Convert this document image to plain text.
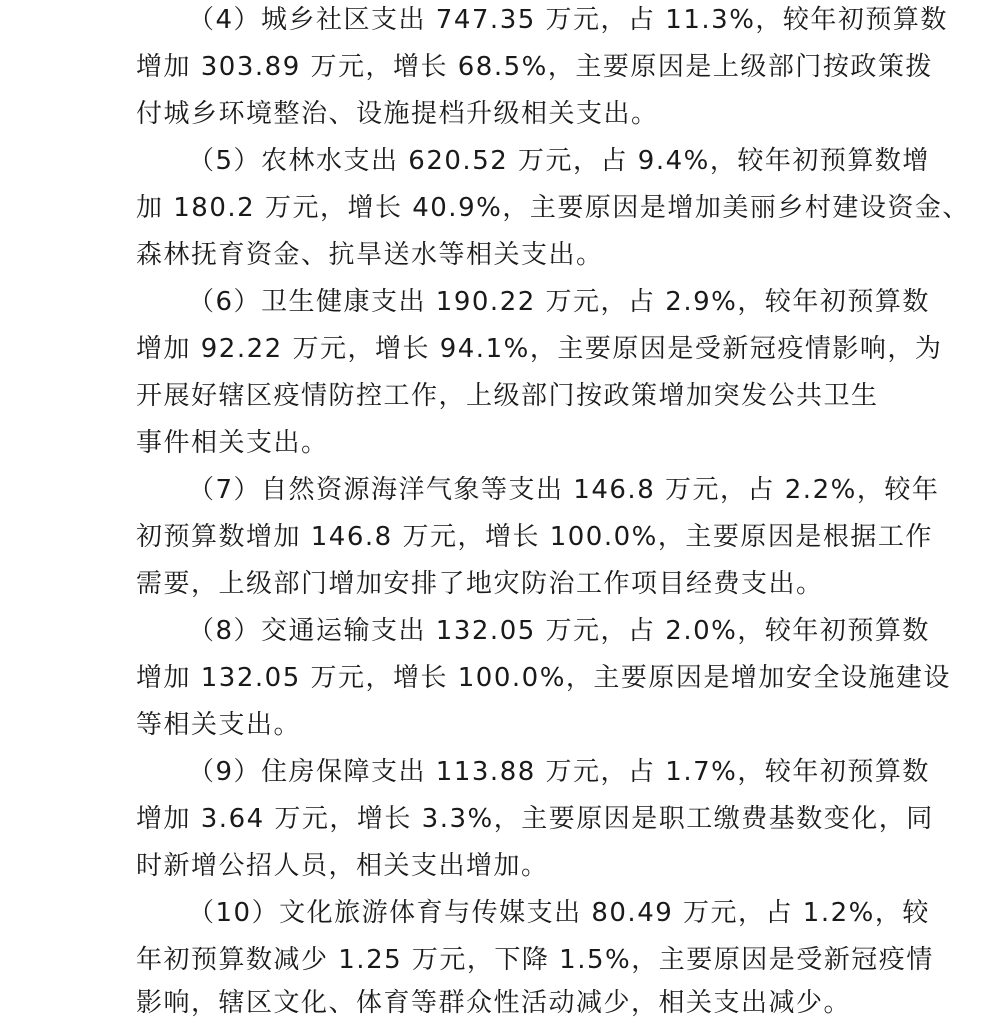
（4）城乡社区支出 747.35 万元，占 11.3%，较年初预算数
增加 303.89 万元，增长 68.5%，主要原因是上级部门按政策拨
付城乡环境整治、设施提档升级相关支出。
（5）农林水支出 620.52 万元，占 9.4%，较年初预算数增
加 180.2 万元，增长 40.9%，主要原因是增加美丽乡村建设资金、
森林抚育资金、抗旱送水等相关支出。
（6）卫生健康支出 190.22 万元，占 2.9%，较年初预算数
增加 92.22 万元，增长 94.1%，主要原因是受新冠疫情影响，为
开展好辖区疫情防控工作，上级部门按政策增加突发公共卫生
事件相关支出。
（7）自然资源海洋气象等支出 146.8 万元，占 2.2%，较年
初预算数增加 146.8 万元，增长 100.0%，主要原因是根据工作
需要，上级部门增加安排了地灾防治工作项目经费支出。
（8）交通运输支出 132.05 万元，占 2.0%，较年初预算数
增加 132.05 万元，增长 100.0%，主要原因是增加安全设施建设
等相关支出。
（9）住房保障支出 113.88 万元，占 1.7%，较年初预算数
增加 3.64 万元，增长 3.3%，主要原因是职工缴费基数变化，同
时新增公招人员，相关支出增加。
（10）文化旅游体育与传媒支出 80.49 万元，占 1.2%，较
年初预算数减少 1.25 万元，下降 1.5%，主要原因是受新冠疫情
影响，辖区文化、体育等群众性活动减少，相关支出减少。
